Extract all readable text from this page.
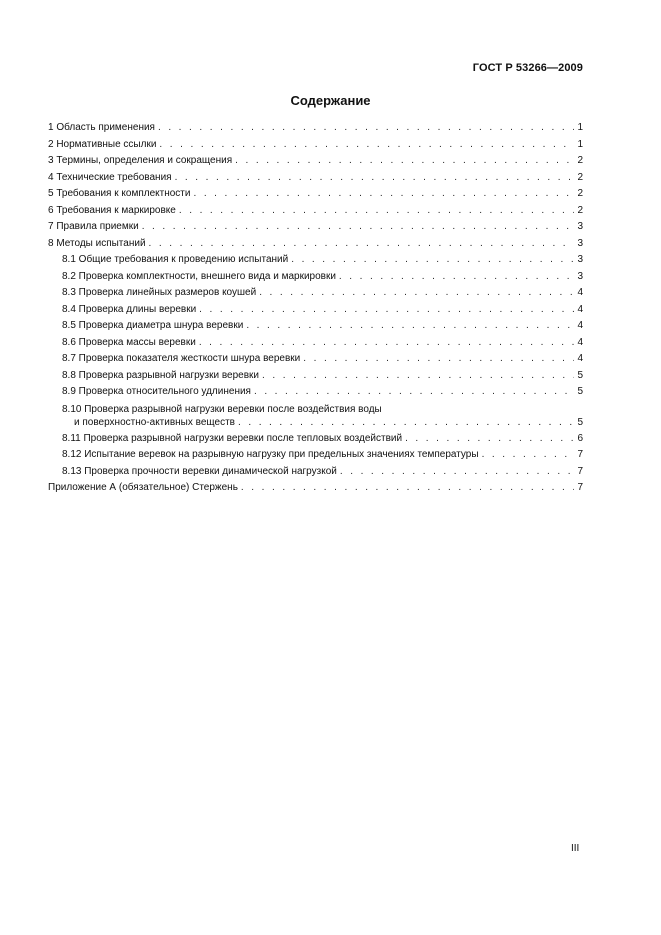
ГОСТ Р 53266—2009
Содержание
1 Область применения . . .	1
2 Нормативные ссылки . . .	1
3 Термины, определения и сокращения . . .	2
4 Технические требования . . .	2
5 Требования к комплектности . . .	2
6 Требования к маркировке . . .	2
7 Правила приемки . . .	3
8 Методы испытаний . . .	3
8.1 Общие требования к проведению испытаний . . .	3
8.2 Проверка комплектности, внешнего вида и маркировки . . .	3
8.3 Проверка линейных размеров коушей . . .	4
8.4 Проверка длины веревки . . .	4
8.5 Проверка диаметра шнура веревки . . .	4
8.6 Проверка массы веревки . . .	4
8.7 Проверка показателя жесткости шнура веревки . . .	4
8.8 Проверка разрывной нагрузки веревки . . .	5
8.9 Проверка относительного удлинения . . .	5
8.10 Проверка разрывной нагрузки веревки после воздействия воды
и поверхностно-активных веществ . . .	5
8.11 Проверка разрывной нагрузки веревки после тепловых воздействий . . .	6
8.12 Испытание веревок на разрывную нагрузку при предельных значениях температуры . . .	7
8.13 Проверка прочности веревки динамической нагрузкой . . .	7
Приложение А (обязательное) Стержень . . .	7
III
